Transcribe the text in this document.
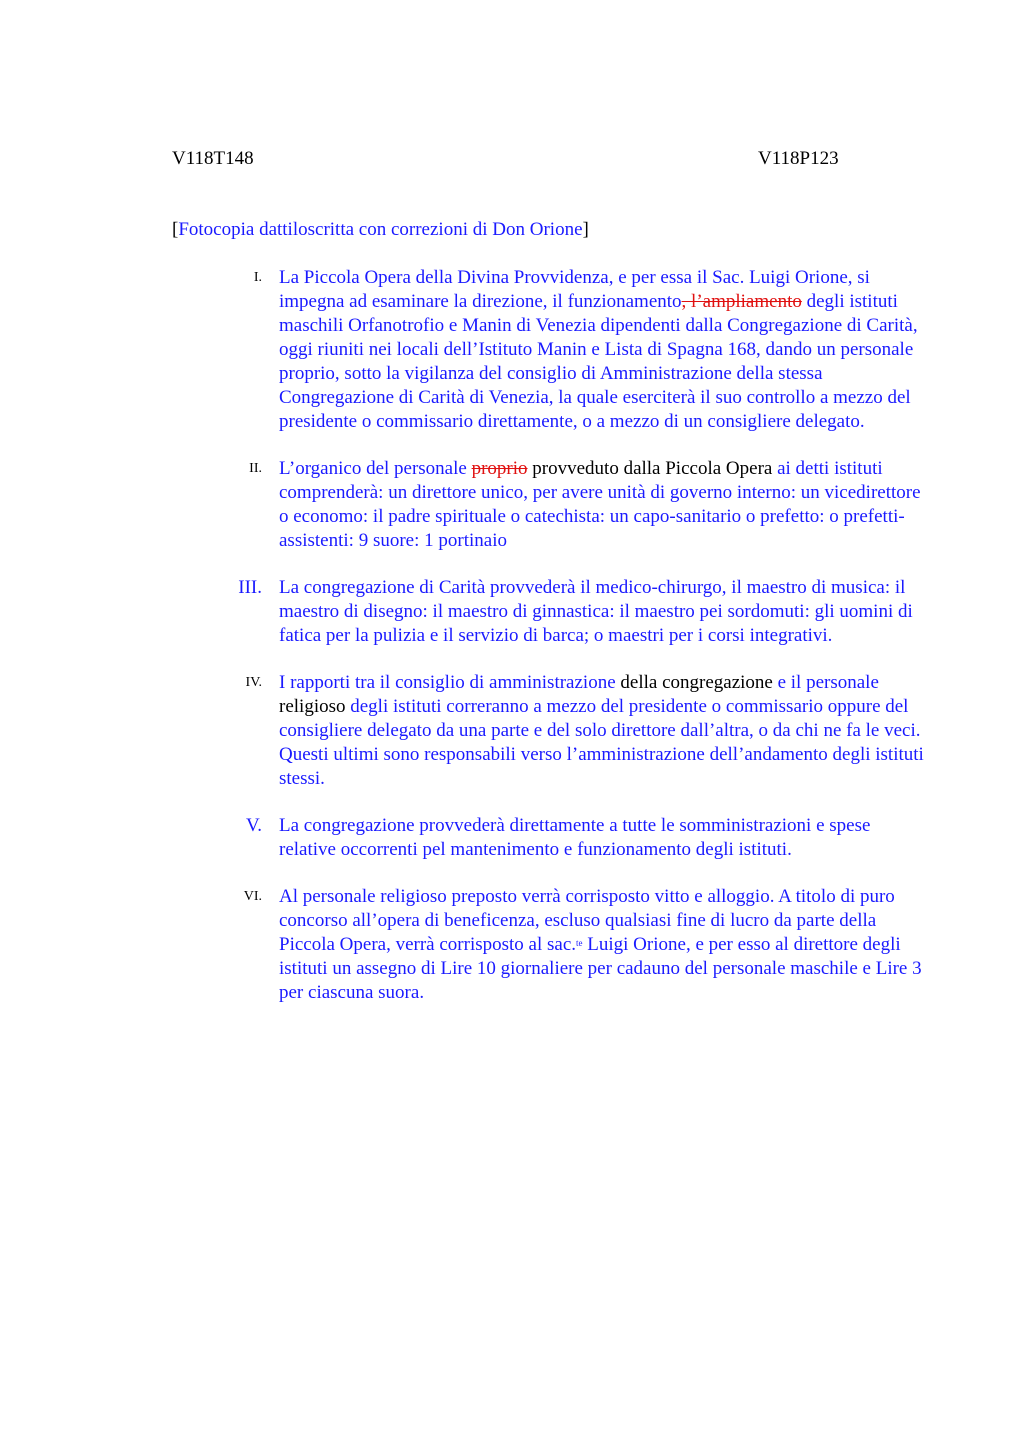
V118T148	V118P123
[Fotocopia dattiloscritta con correzioni di Don Orione]
I. La Piccola Opera della Divina Provvidenza, e per essa il Sac. Luigi Orione, si impegna ad esaminare la direzione, il funzionamento, l’ampliamento degli istituti maschili Orfanotrofio e Manin di Venezia dipendenti dalla Congregazione di Carità, oggi riuniti nei locali dell’Istituto Manin e Lista di Spagna 168, dando un personale proprio, sotto la vigilanza del consiglio di Amministrazione della stessa Congregazione di Carità di Venezia, la quale eserciterà il suo controllo a mezzo del presidente o commissario direttamente, o a mezzo di un consigliere delegato.
II. L’organico del personale proprio provveduto dalla Piccola Opera ai detti istituti comprenderà: un direttore unico, per avere unità di governo interno: un vicedirettore o economo: il padre spirituale o catechista: un capo-sanitario o prefetto: o prefetti-assistenti: 9 suore: 1 portinaio
III. La congregazione di Carità provvederà il medico-chirurgo, il maestro di musica: il maestro di disegno: il maestro di ginnastica: il maestro pei sordomuti: gli uomini di fatica per la pulizia e il servizio di barca; o maestri per i corsi integrativi.
IV. I rapporti tra il consiglio di amministrazione della congregazione e il personale religioso degli istituti correranno a mezzo del presidente o commissario oppure del consigliere delegato da una parte e del solo direttore dall’altra, o da chi ne fa le veci. Questi ultimi sono responsabili verso l’amministrazione dell’andamento degli istituti stessi.
V. La congregazione provvederà direttamente a tutte le somministrazioni e spese relative occorrenti pel mantenimento e funzionamento degli istituti.
VI. Al personale religioso preposto verrà corrisposto vitto e alloggio. A titolo di puro concorso all’opera di beneficenza, escluso qualsiasi fine di lucro da parte della Piccola Opera, verrà corrisposto al sac.$^{te}$ Luigi Orione, e per esso al direttore degli istituti un assegno di Lire 10 giornaliere per cadauno del personale maschile e Lire 3 per ciascuna suora.
